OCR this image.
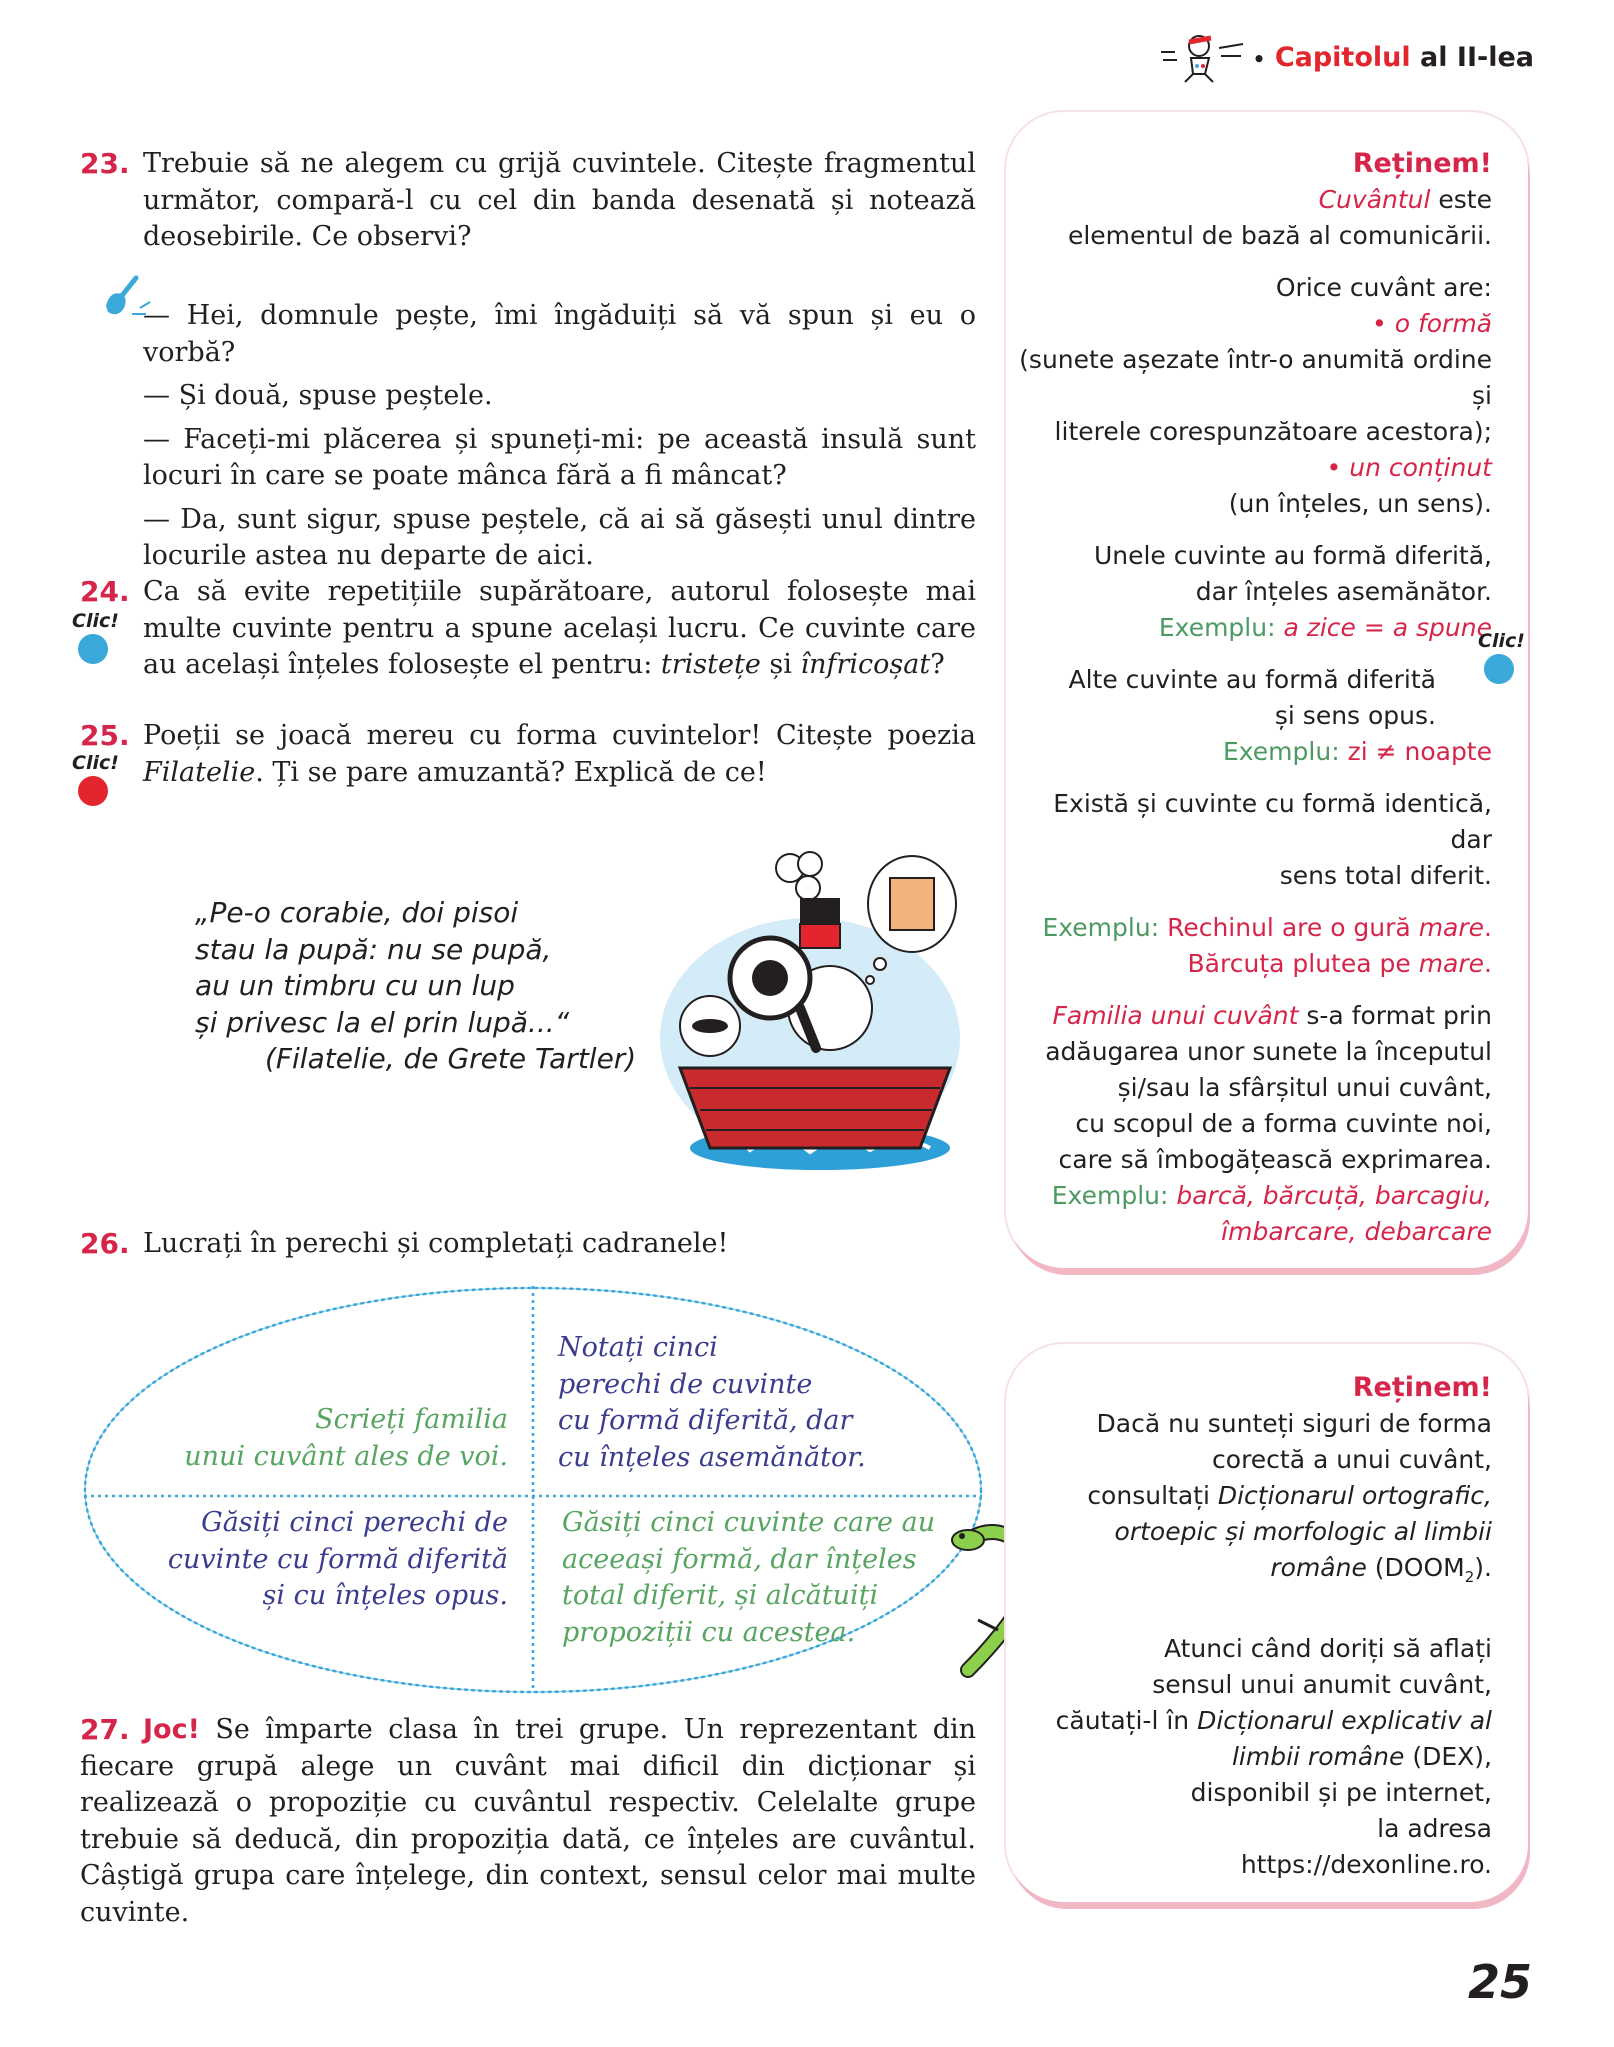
• Capitolul al II-lea
23. Trebuie să ne alegem cu grijă cuvintele. Citește fragmentul următor, compară-l cu cel din banda desenată și notează deosebirile. Ce observi?

— Hei, domnule pește, îmi îngăduiți să vă spun și eu o vorbă?

— Și două, spuse peștele.

— Faceți-mi plăcerea și spuneți-mi: pe această insulă sunt locuri în care se poate mânca fără a fi mâncat?

— Da, sunt sigur, spuse peștele, că ai să găsești unul dintre locurile astea nu departe de aici.

24. Ca să evite repetițiile supărătoare, autorul folosește mai multe cuvinte pentru a spune același lucru. Ce cuvinte care au același înțeles folosește el pentru: tristețe și înfricoșat?
Clic!
25. Poeții se joacă mereu cu forma cuvintelor! Citește poezia Filatelie. Ți se pare amuzantă? Explică de ce!
Clic!
„Pe-o corabie, doi pisoi
stau la pupă: nu se pupă,
au un timbru cu un lup
și privesc la el prin lupă...“
(Filatelie, de Grete Tartler)
26. Lucrați în perechi și completați cadranele!
Scrieți familia
unui cuvânt ales de voi.
Notați cinci
perechi de cuvinte
cu formă diferită, dar
cu înțeles asemănător.
Găsiți cinci perechi de
cuvinte cu formă diferită
și cu înțeles opus.
Găsiți cinci cuvinte care au
aceeași formă, dar înțeles
total diferit, și alcătuiți
propoziții cu acestea.
27. Joc! Se împarte clasa în trei grupe. Un reprezentant din fiecare grupă alege un cuvânt mai dificil din dicționar și realizează o propoziție cu cuvântul respectiv. Celelalte grupe trebuie să deducă, din propoziția dată, ce înțeles are cuvântul. Câștigă grupa care înțelege, din context, sensul celor mai multe cuvinte.
Reținem!

Cuvântul este
elementul de bază al comunicării.

Orice cuvânt are:
• o formă
(sunete așezate într-o anumită ordine și
literele corespunzătoare acestora);
• un conținut
(un înțeles, un sens).

Unele cuvinte au formă diferită,
dar înțeles asemănător.
Exemplu: a zice = a spune

Alte cuvinte au formă diferită
și sens opus.
Exemplu: zi ≠ noapte

Există și cuvinte cu formă identică, dar
sens total diferit.

Exemplu: Rechinul are o gură mare.
Bărcuța plutea pe mare.

Familia unui cuvânt s-a format prin
adăugarea unor sunete la începutul
și/sau la sfârșitul unui cuvânt,
cu scopul de a forma cuvinte noi,
care să îmbogățească exprimarea.
Exemplu: barcă, bărcuță, barcagiu,
îmbarcare, debarcare

Clic!
Reținem!
Dacă nu sunteți siguri de forma
corectă a unui cuvânt,
consultați Dicționarul ortografic,
ortoepic și morfologic al limbii
române $(DOOM_2)$.
Atunci când doriți să aflați
sensul unui anumit cuvânt,
căutați-l în Dicționarul explicativ al
limbii române (DEX),
disponibil și pe internet,
la adresa
https://dexonline.ro.
25
